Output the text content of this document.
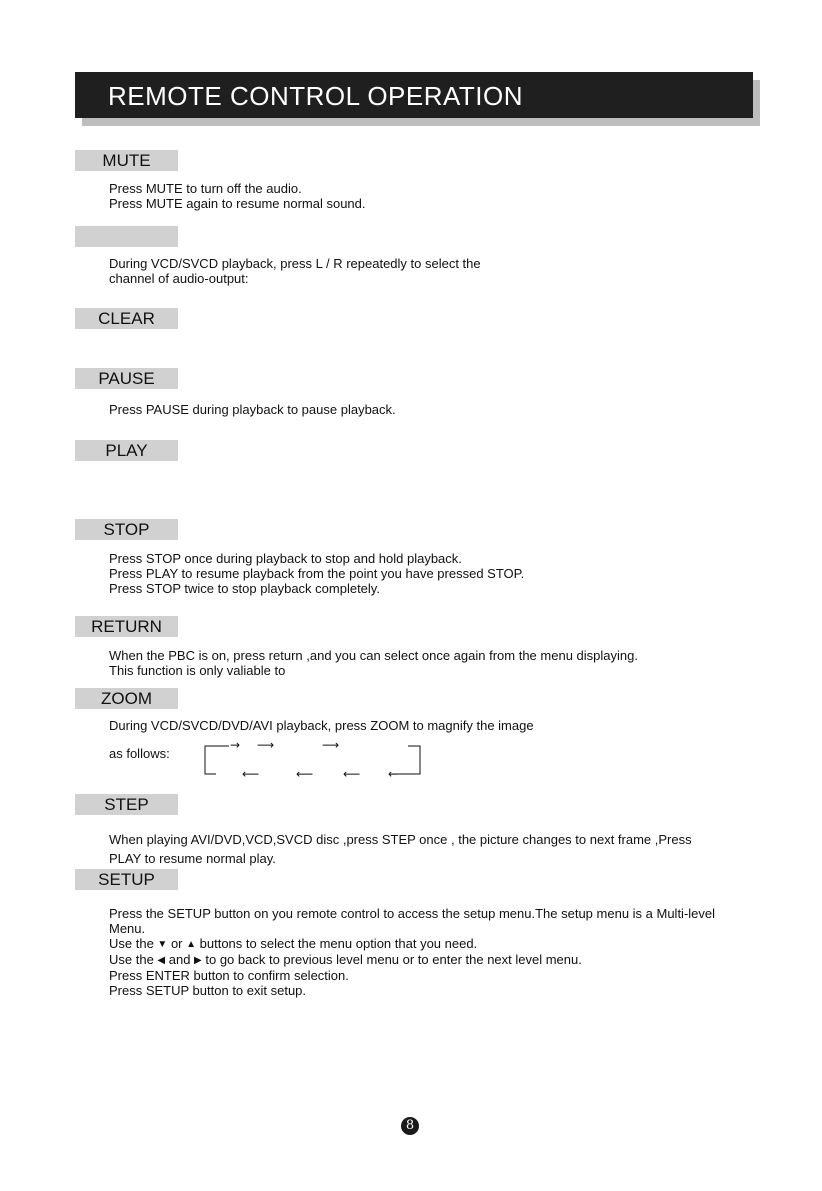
REMOTE CONTROL OPERATION
MUTE

Press MUTE to turn off the audio.

Press MUTE again to resume normal sound.

During VCD/SVCD playback, press L / R repeatedly to select the

channel of audio-output:

CLEAR
PAUSE

Press PAUSE during playback to pause playback.

PLAY
STOP

Press STOP once during playback to stop and hold playback.

Press PLAY to resume playback from the point you have pressed STOP.

Press STOP twice to stop playback completely.

RETURN

When the PBC is on, press return ,and you can select once again from the menu displaying.

This function is only valiable to

ZOOM

During VCD/SVCD/DVD/AVI playback, press ZOOM to magnify the image

as follows:
→ ⟶	⟶
⟵	⟵ ⟵ ←
STEP

When playing AVI/DVD,VCD,SVCD disc ,press STEP once , the picture changes to next frame ,Press

PLAY to resume normal play.

SETUP

Press the SETUP button on you remote control to access the setup menu.The setup menu is a Multi-level

Menu.

Use the ▼ or ▲ buttons to select the menu option that you need.

Use the ◀ and ▶ to go back to previous level menu or to enter the next level menu.

Press ENTER button to confirm selection.

Press SETUP button to exit setup.

8
